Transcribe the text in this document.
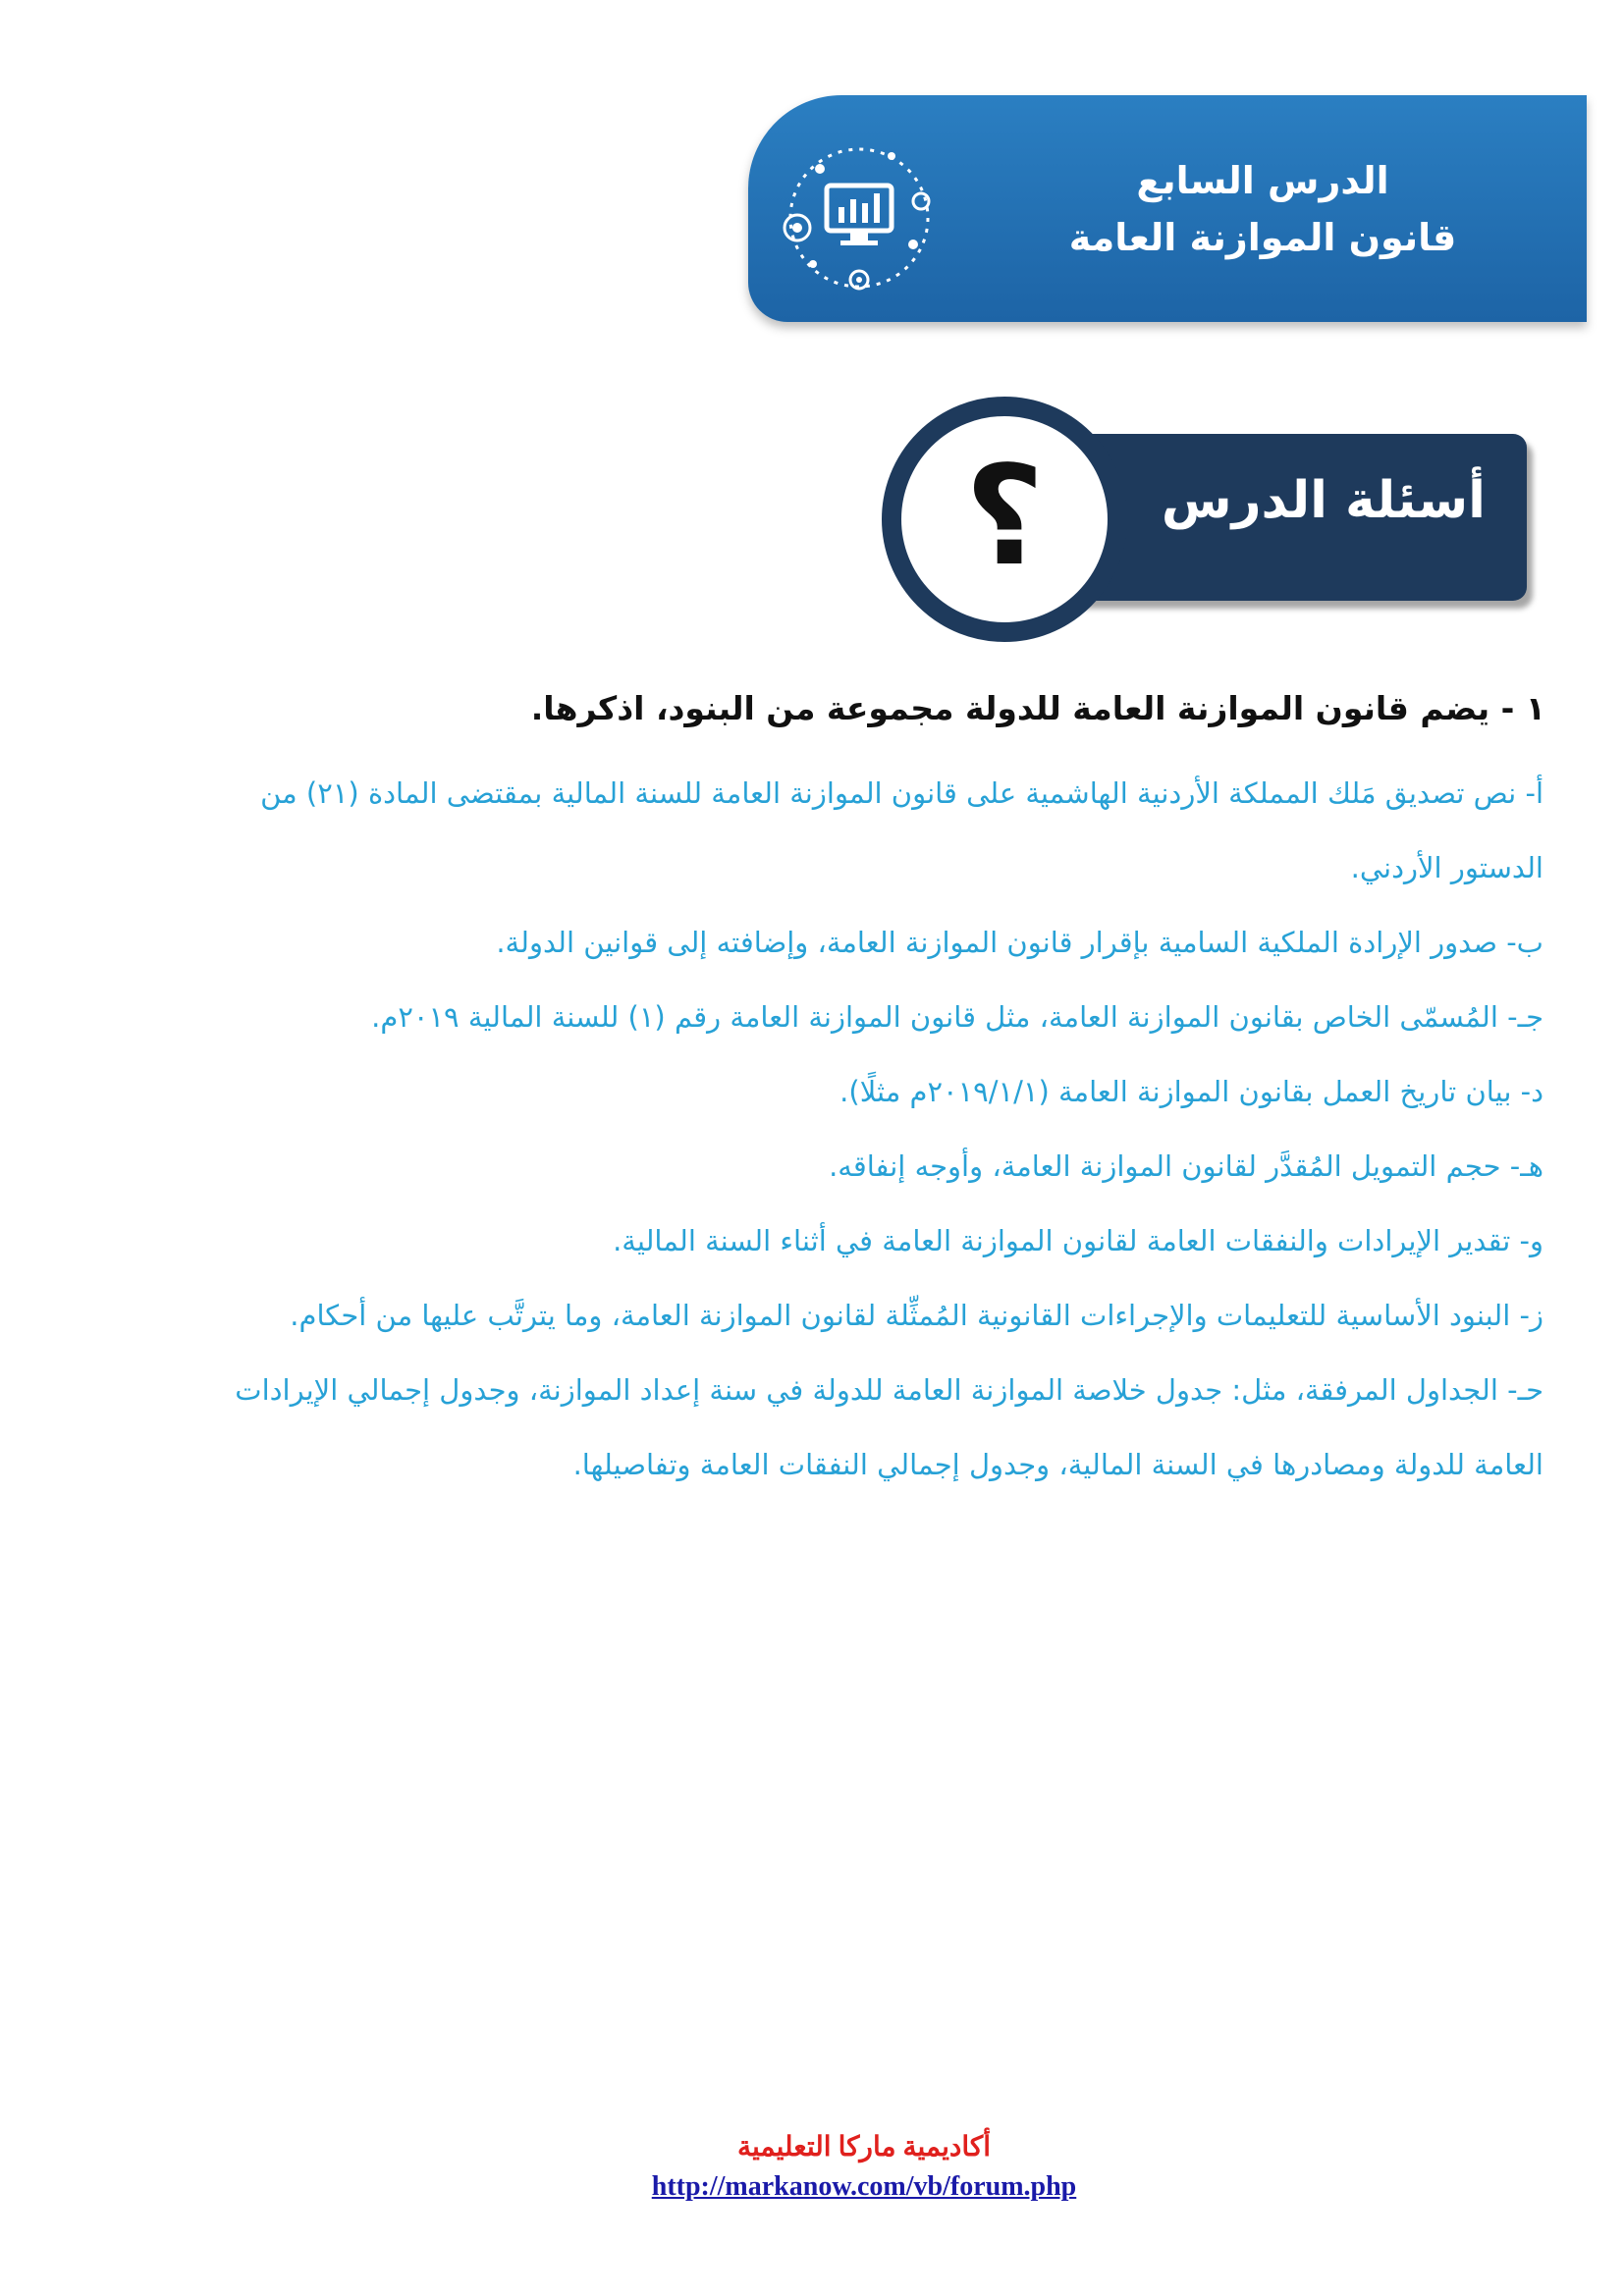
الدرس السابع
قانون الموازنة العامة
أسئلة الدرس
؟
١ - يضم قانون الموازنة العامة للدولة مجموعة من البنود، اذكرها.

أ- نص تصديق مَلك المملكة الأردنية الهاشمية على قانون الموازنة العامة للسنة المالية بمقتضى المادة (٢١) من الدستور الأردني.

ب- صدور الإرادة الملكية السامية بإقرار قانون الموازنة العامة، وإضافته إلى قوانين الدولة.

جـ- المُسمّى الخاص بقانون الموازنة العامة، مثل قانون الموازنة العامة رقم (١) للسنة المالية ٢٠١٩م.

د- بيان تاريخ العمل بقانون الموازنة العامة (٢٠١٩/١/١م مثلًا).

هـ- حجم التمويل المُقدَّر لقانون الموازنة العامة، وأوجه إنفاقه.

و- تقدير الإيرادات والنفقات العامة لقانون الموازنة العامة في أثناء السنة المالية.

ز- البنود الأساسية للتعليمات والإجراءات القانونية المُمثِّلة لقانون الموازنة العامة، وما يترتَّب عليها من أحكام.

حـ- الجداول المرفقة، مثل: جدول خلاصة الموازنة العامة للدولة في سنة إعداد الموازنة، وجدول إجمالي الإيرادات العامة للدولة ومصادرها في السنة المالية، وجدول إجمالي النفقات العامة وتفاصيلها.

أكاديمية ماركا التعليمية
http://markanow.com/vb/forum.php
